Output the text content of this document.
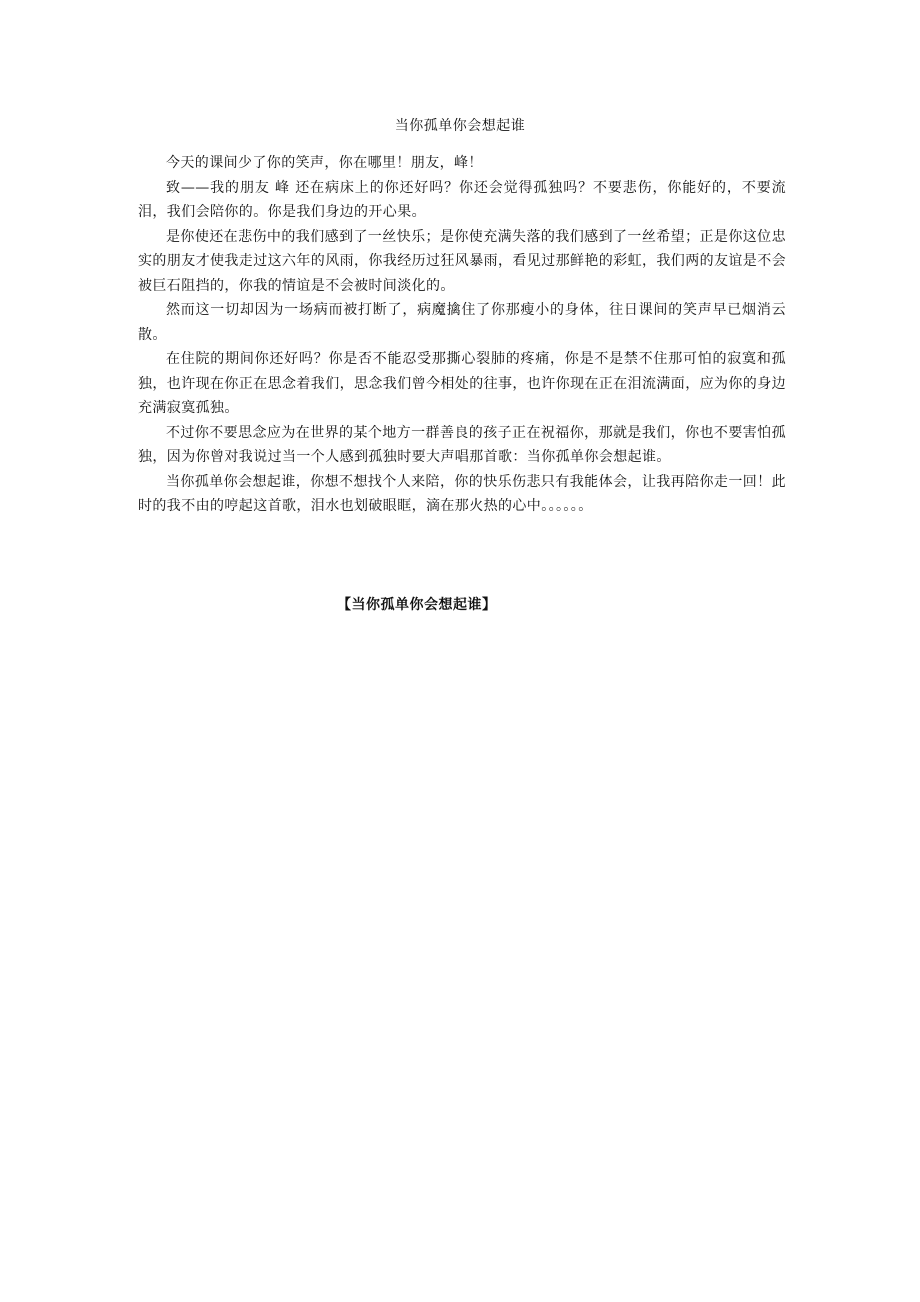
当你孤单你会想起谁

今天的课间少了你的笑声，你在哪里！朋友，峰！

致——我的朋友 峰 还在病床上的你还好吗？你还会觉得孤独吗？不要悲伤，你能好的，不要流泪，我们会陪你的。你是我们身边的开心果。

是你使还在悲伤中的我们感到了一丝快乐；是你使充满失落的我们感到了一丝希望；正是你这位忠实的朋友才使我走过这六年的风雨，你我经历过狂风暴雨，看见过那鲜艳的彩虹，我们两的友谊是不会被巨石阻挡的，你我的情谊是不会被时间淡化的。

然而这一切却因为一场病而被打断了，病魔擒住了你那瘦小的身体，往日课间的笑声早已烟消云散。

在住院的期间你还好吗？你是否不能忍受那撕心裂肺的疼痛，你是不是禁不住那可怕的寂寞和孤独，也许现在你正在思念着我们，思念我们曾今相处的往事，也许你现在正在泪流满面，应为你的身边充满寂寞孤独。

不过你不要思念应为在世界的某个地方一群善良的孩子正在祝福你，那就是我们，你也不要害怕孤独，因为你曾对我说过当一个人感到孤独时要大声唱那首歌：当你孤单你会想起谁。

当你孤单你会想起谁，你想不想找个人来陪，你的快乐伤悲只有我能体会，让我再陪你走一回！此时的我不由的哼起这首歌，泪水也划破眼眶，滴在那火热的心中。。。。。。

【当你孤单你会想起谁】
